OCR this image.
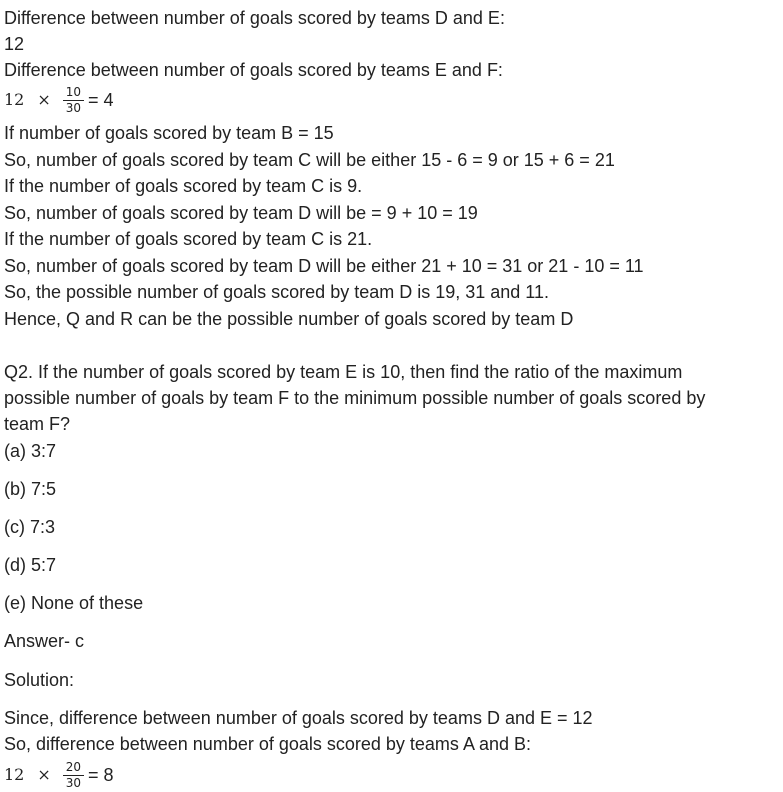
Difference between number of goals scored by teams D and E:
12
Difference between number of goals scored by teams E and F:
$12 \times \frac{10}{30} = 4$
If number of goals scored by team B = 15
So, number of goals scored by team C will be either 15 - 6 = 9 or 15 + 6 = 21
If the number of goals scored by team C is 9.
So, number of goals scored by team D will be = 9 + 10 = 19
If the number of goals scored by team C is 21.
So, number of goals scored by team D will be either 21 + 10 = 31 or 21 - 10 = 11
So, the possible number of goals scored by team D is 19, 31 and 11.
Hence, Q and R can be the possible number of goals scored by team D
Q2. If the number of goals scored by team E is 10, then find the ratio of the maximum
possible number of goals by team F to the minimum possible number of goals scored by
team F?
(a) 3:7
(b) 7:5
(c) 7:3
(d) 5:7
(e) None of these
Answer- c
Solution:
Since, difference between number of goals scored by teams D and E = 12
So, difference between number of goals scored by teams A and B:
$12 \times \frac{20}{30} = 8$
